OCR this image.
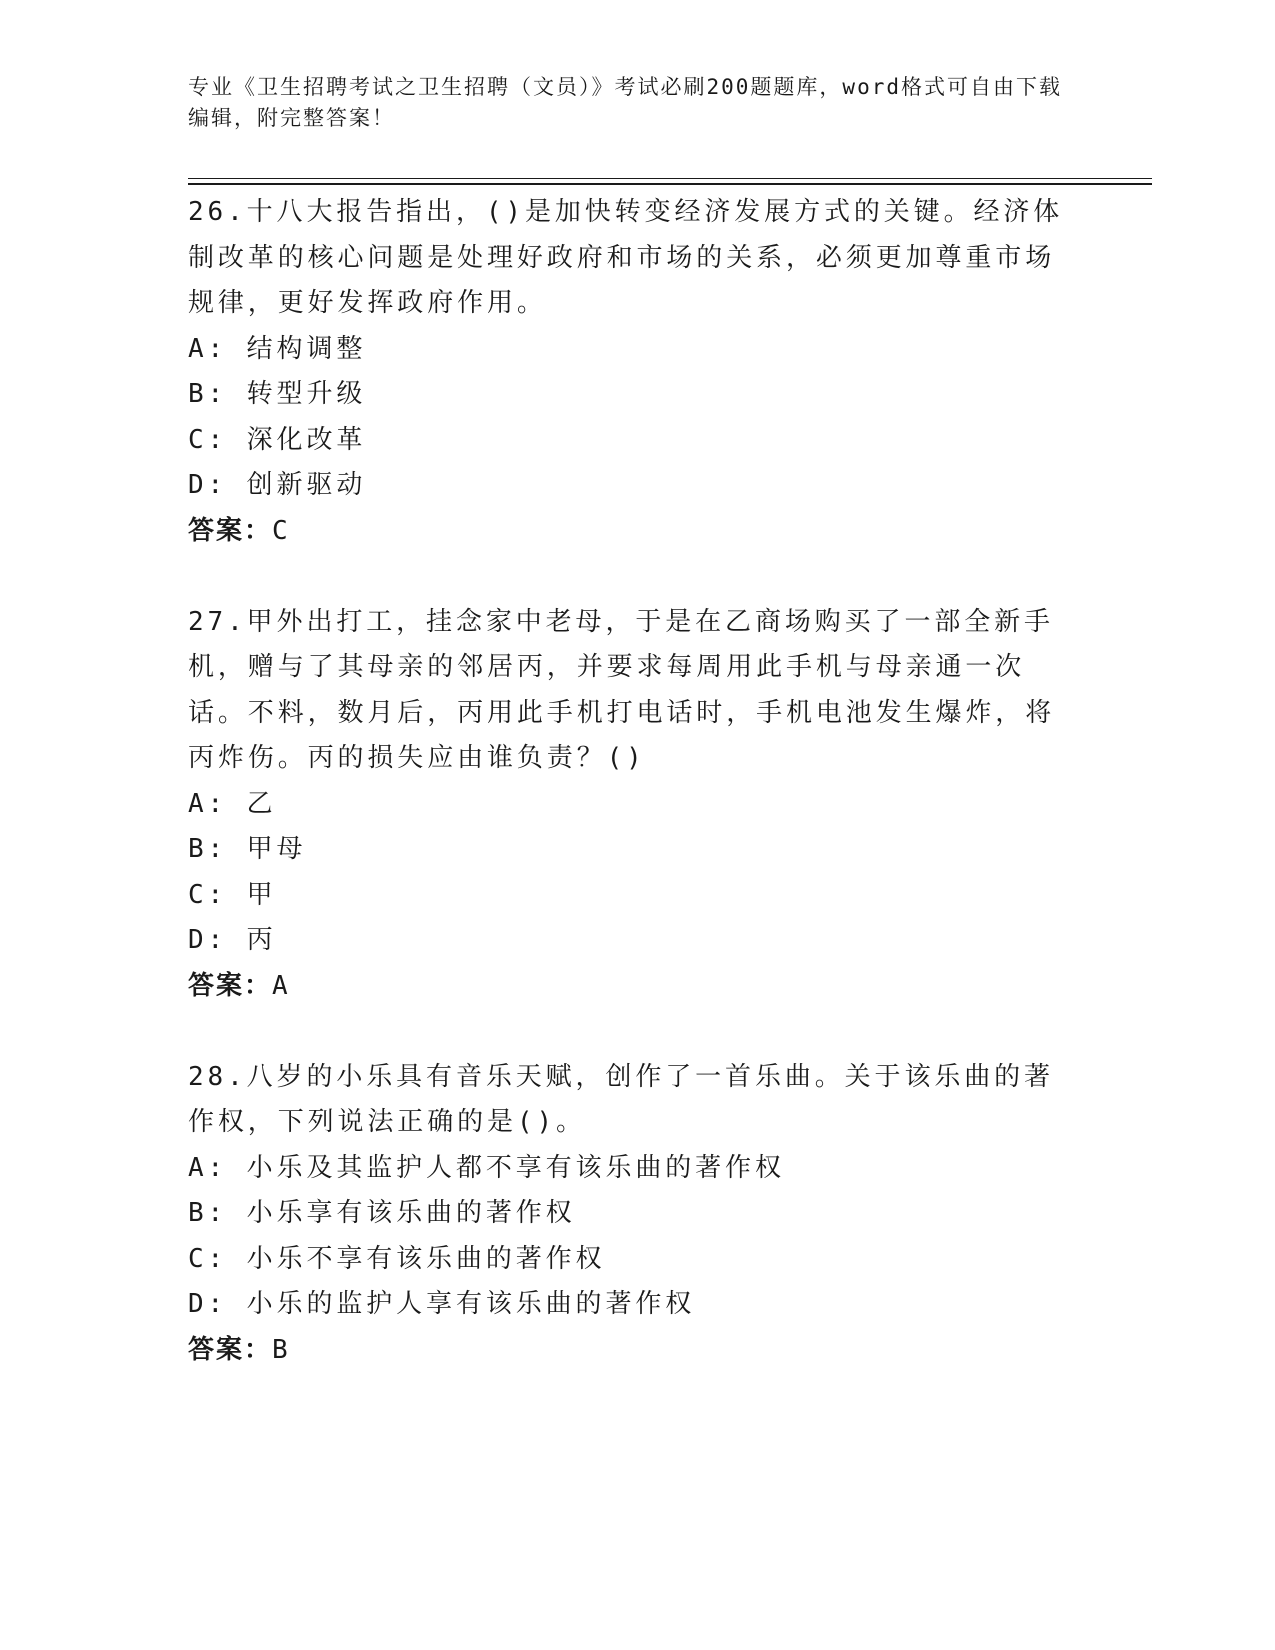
专业《卫生招聘考试之卫生招聘（文员）》考试必刷200题题库，word格式可自由下载编辑，附完整答案！

26.十八大报告指出，()是加快转变经济发展方式的关键。经济体制改革的核心问题是处理好政府和市场的关系，必须更加尊重市场规律，更好发挥政府作用。

A: 结构调整

B: 转型升级

C: 深化改革

D: 创新驱动

答案：C

27.甲外出打工，挂念家中老母，于是在乙商场购买了一部全新手机，赠与了其母亲的邻居丙，并要求每周用此手机与母亲通一次话。不料，数月后，丙用此手机打电话时，手机电池发生爆炸，将丙炸伤。丙的损失应由谁负责？()

A: 乙

B: 甲母

C: 甲

D: 丙

答案：A

28.八岁的小乐具有音乐天赋，创作了一首乐曲。关于该乐曲的著作权，下列说法正确的是()。

A: 小乐及其监护人都不享有该乐曲的著作权

B: 小乐享有该乐曲的著作权

C: 小乐不享有该乐曲的著作权

D: 小乐的监护人享有该乐曲的著作权

答案：B
